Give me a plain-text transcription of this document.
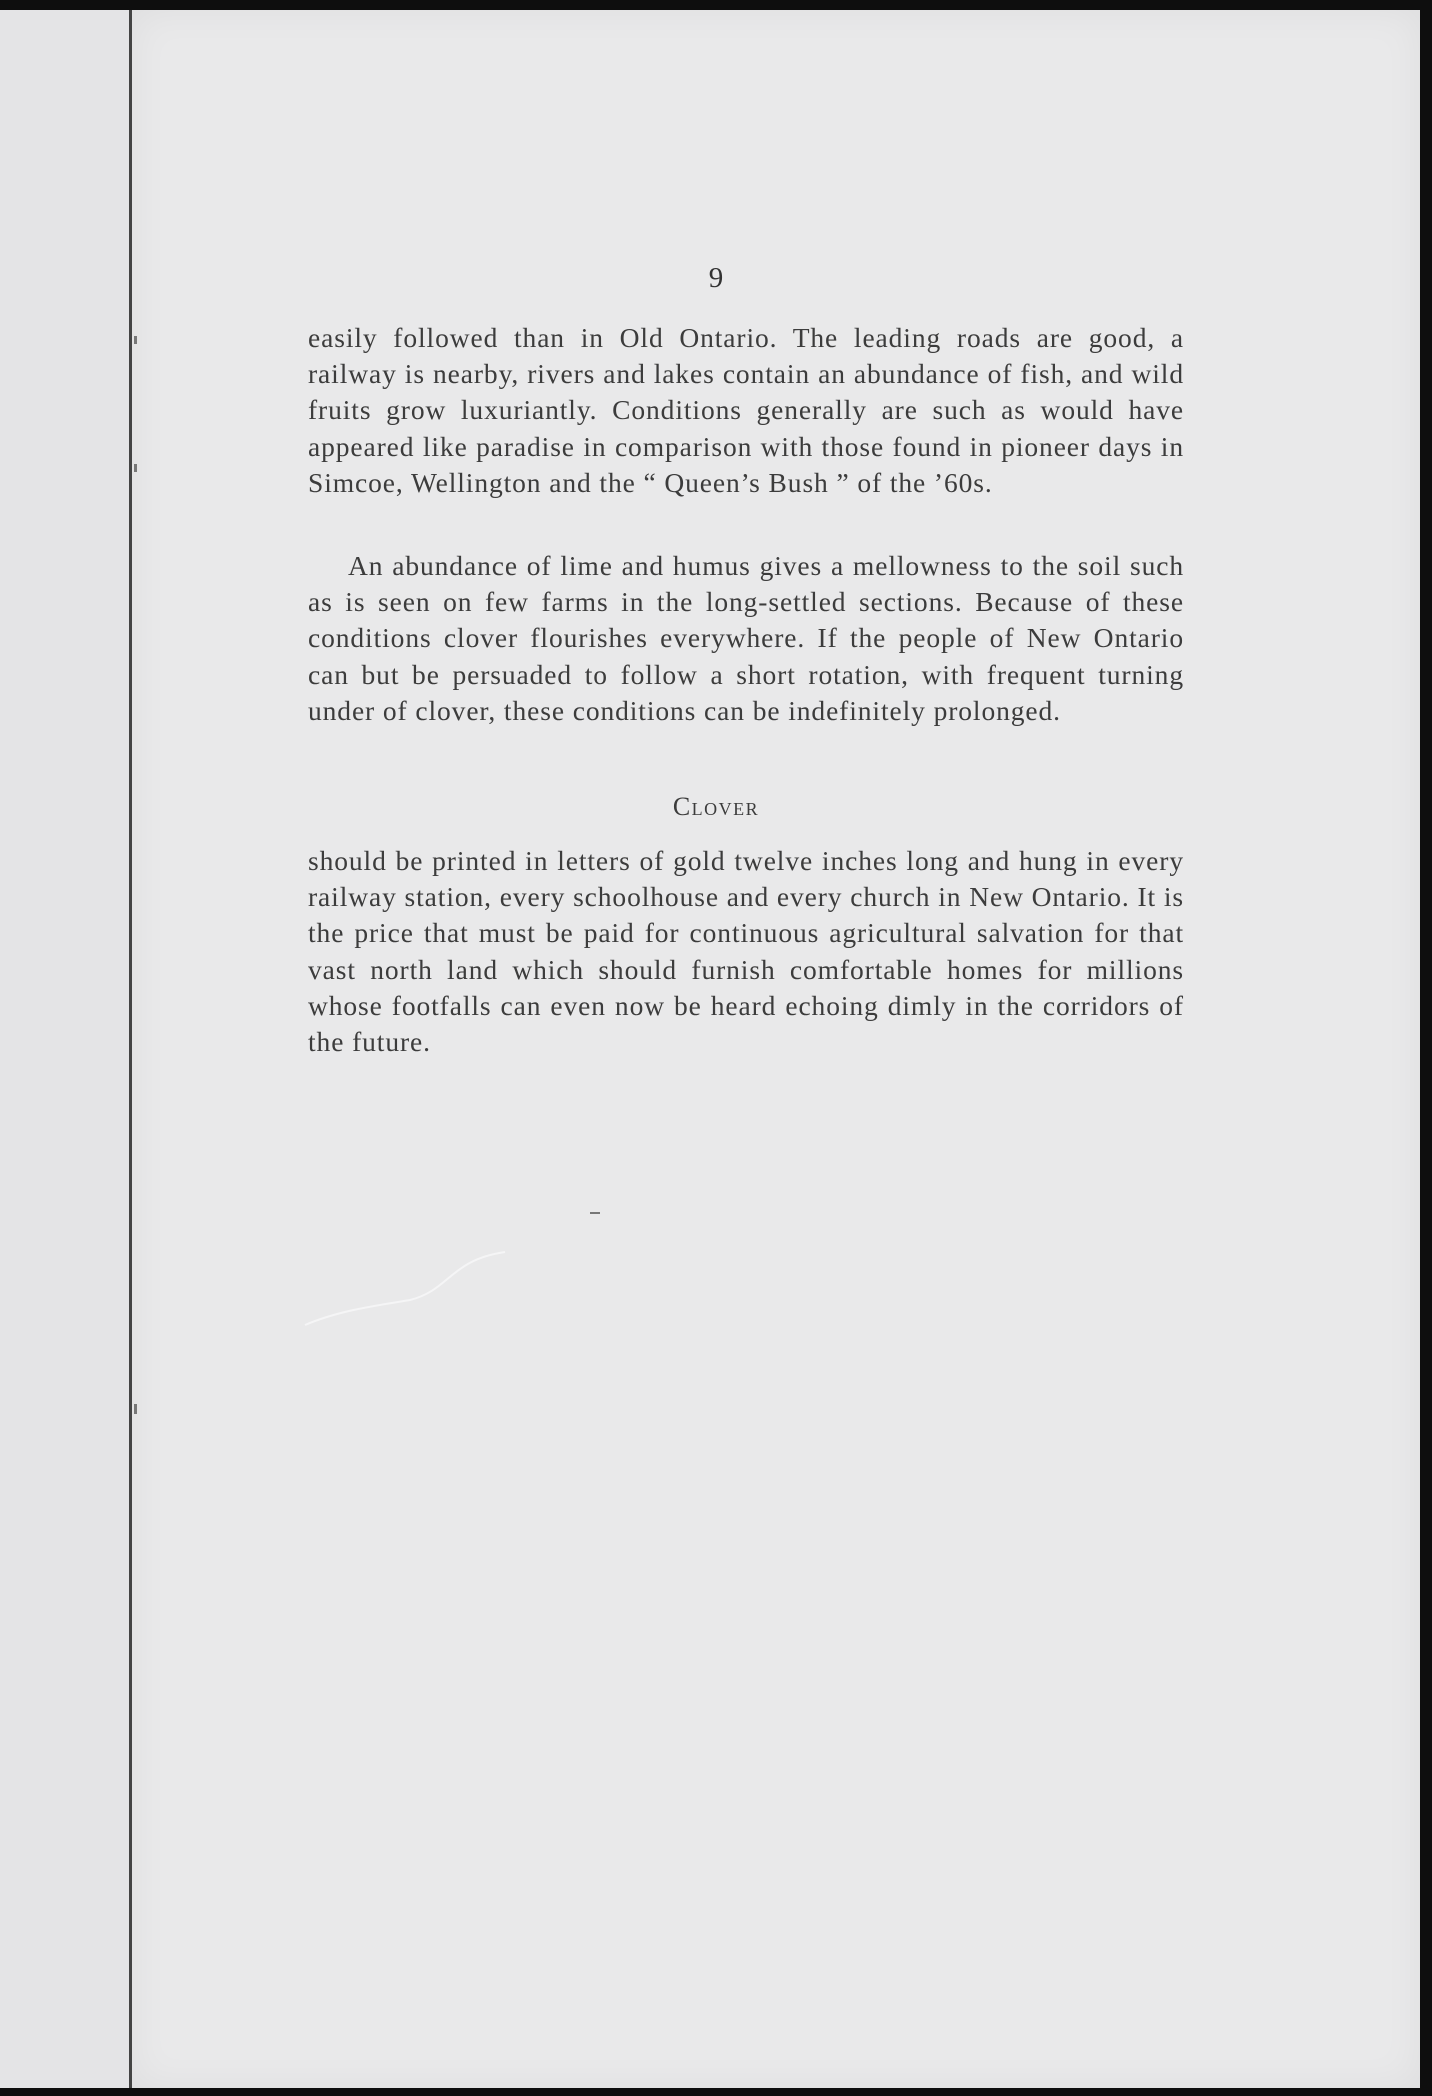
9

easily followed than in Old Ontario. The leading roads are good, a railway is nearby, rivers and lakes contain an abundance of fish, and wild fruits grow luxuriantly. Conditions generally are such as would have appeared like paradise in comparison with those found in pioneer days in Simcoe, Wellington and the “ Queen’s Bush ” of the ’60s.

An abundance of lime and humus gives a mellowness to the soil such as is seen on few farms in the long-settled sections. Because of these conditions clover flourishes everywhere. If the people of New Ontario can but be persuaded to follow a short rotation, with frequent turning under of clover, these conditions can be indefinitely prolonged.

Clover

should be printed in letters of gold twelve inches long and hung in every railway station, every schoolhouse and every church in New Ontario. It is the price that must be paid for continuous agricultural salvation for that vast north land which should furnish comfortable homes for millions whose footfalls can even now be heard echoing dimly in the corridors of the future.
